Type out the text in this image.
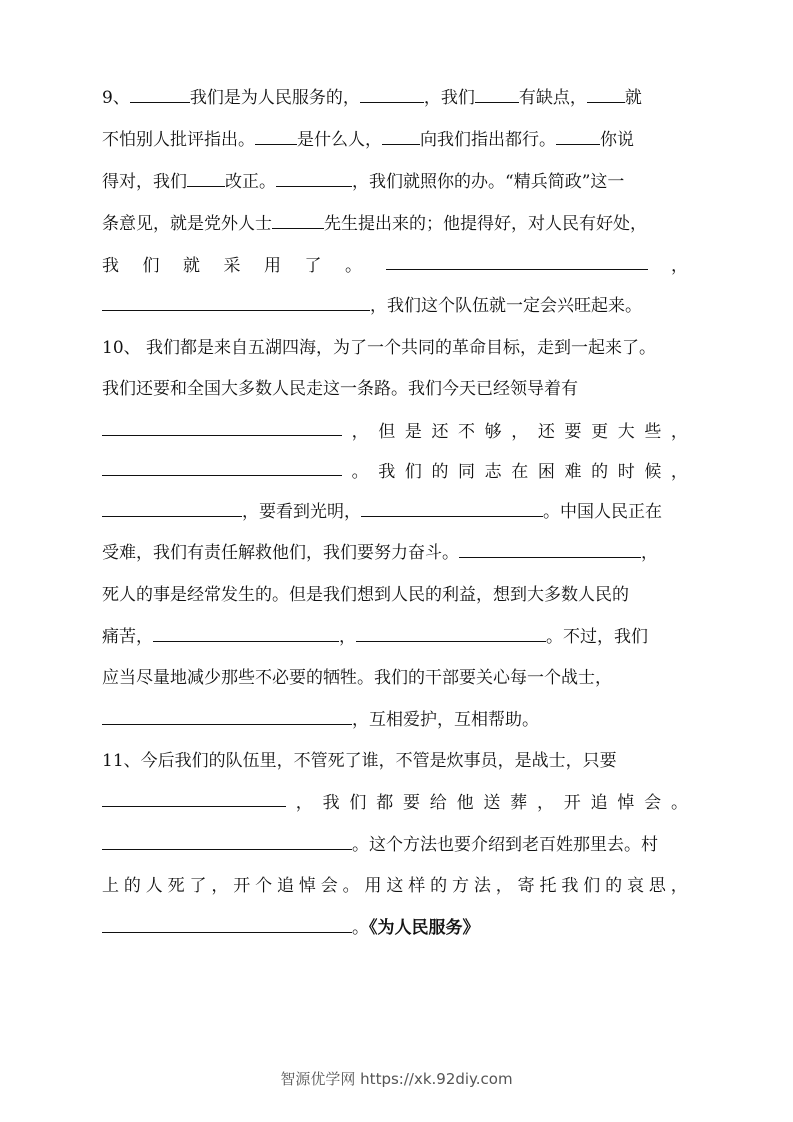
9、	我们是为人民服务的，	，我们	有缺点， 就
不怕别人批评指出。 是什么人， 向我们指出都行。	你说
得对，我们 改正。	，我们就照你的办。“精兵简政”这一
条意见，就是党外人士	先生提出来的；他提得好，对人民有好处，
我 们 就 采 用 了 。	，
，我们这个队伍就一定会兴旺起来。
10、 我们都是来自五湖四海，为了一个共同的革命目标，走到一起来了。
我们还要和全国大多数人民走这一条路。我们今天已经领导着有
， 但 是 还 不 够 ， 还 要 更 大 些 ，
。 我 们 的 同 志 在 困 难 的 时 候 ，
，要看到光明，	。中国人民正在
受难，我们有责任解救他们，我们要努力奋斗。	，
死人的事是经常发生的。但是我们想到人民的利益，想到大多数人民的
痛苦，	，	。不过，我们
应当尽量地减少那些不必要的牺牲。我们的干部要关心每一个战士，
，互相爱护，互相帮助。
11、今后我们的队伍里，不管死了谁，不管是炊事员，是战士，只要
， 我 们 都 要 给 他 送 葬 ， 开 追 悼 会 。
。这个方法也要介绍到老百姓那里去。村
上 的 人 死 了 ， 开 个 追 悼 会 。 用 这 样 的 方 法 ， 寄 托 我 们 的 哀 思 ，
。《为人民服务》
智源优学网 https://xk.92diy.com
